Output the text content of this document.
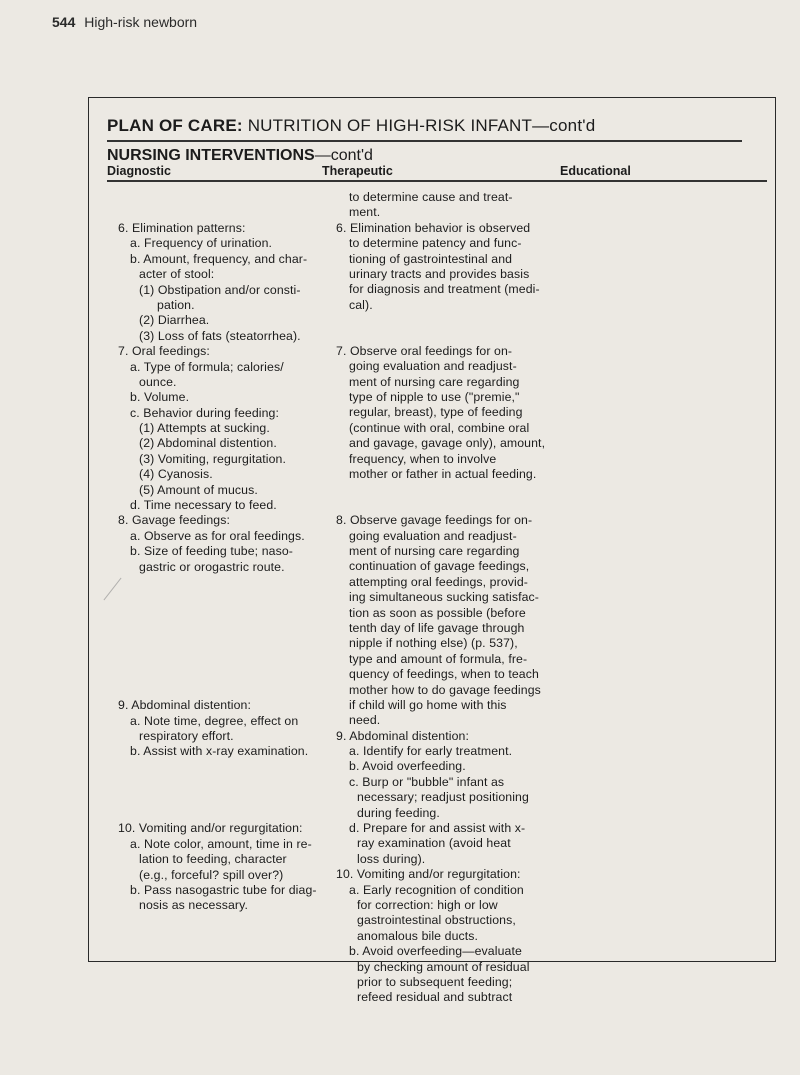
544 High-risk newborn
PLAN OF CARE: NUTRITION OF HIGH-RISK INFANT—cont'd
NURSING INTERVENTIONS—cont'd
Diagnostic	Therapeutic	Educational
6. Elimination patterns:
a. Frequency of urination.
b. Amount, frequency, and char-
acter of stool:
(1) Obstipation and/or consti-
pation.
(2) Diarrhea.
(3) Loss of fats (steatorrhea).
7. Oral feedings:
a. Type of formula; calories/
ounce.
b. Volume.
c. Behavior during feeding:
(1) Attempts at sucking.
(2) Abdominal distention.
(3) Vomiting, regurgitation.
(4) Cyanosis.
(5) Amount of mucus.
d. Time necessary to feed.
8. Gavage feedings:
a. Observe as for oral feedings.
b. Size of feeding tube; naso-
gastric or orogastric route.
9. Abdominal distention:
a. Note time, degree, effect on
respiratory effort.
b. Assist with x-ray examination.
10. Vomiting and/or regurgitation:
a. Note color, amount, time in re-
lation to feeding, character
(e.g., forceful? spill over?)
b. Pass nasogastric tube for diag-
nosis as necessary.
to determine cause and treat-
ment.
6. Elimination behavior is observed
to determine patency and func-
tioning of gastrointestinal and
urinary tracts and provides basis
for diagnosis and treatment (medi-
cal).
7. Observe oral feedings for on-
going evaluation and readjust-
ment of nursing care regarding
type of nipple to use ("premie,"
regular, breast), type of feeding
(continue with oral, combine oral
and gavage, gavage only), amount,
frequency, when to involve
mother or father in actual feeding.
8. Observe gavage feedings for on-
going evaluation and readjust-
ment of nursing care regarding
continuation of gavage feedings,
attempting oral feedings, provid-
ing simultaneous sucking satisfac-
tion as soon as possible (before
tenth day of life gavage through
nipple if nothing else) (p. 537),
type and amount of formula, fre-
quency of feedings, when to teach
mother how to do gavage feedings
if child will go home with this
need.
9. Abdominal distention:
a. Identify for early treatment.
b. Avoid overfeeding.
c. Burp or "bubble" infant as
necessary; readjust positioning
during feeding.
d. Prepare for and assist with x-
ray examination (avoid heat
loss during).
10. Vomiting and/or regurgitation:
a. Early recognition of condition
for correction: high or low
gastrointestinal obstructions,
anomalous bile ducts.
b. Avoid overfeeding—evaluate
by checking amount of residual
prior to subsequent feeding;
refeed residual and subtract
